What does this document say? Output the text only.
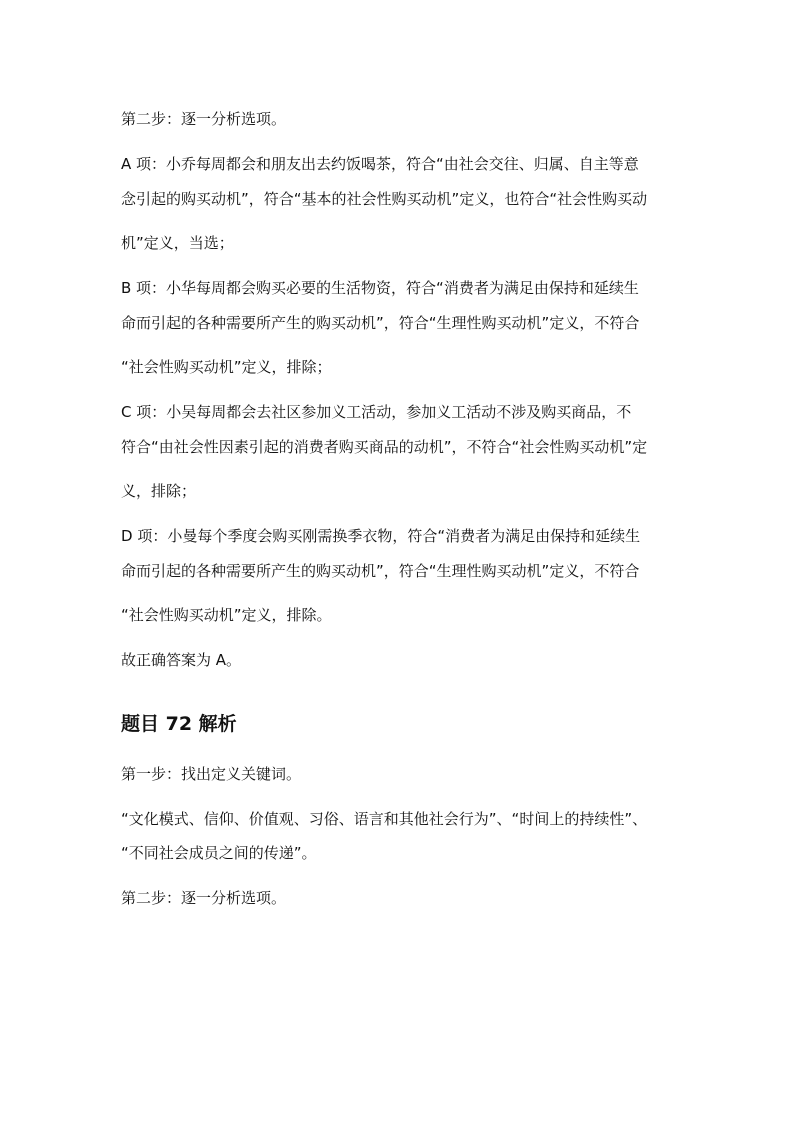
第二步：逐一分析选项。
A 项：小乔每周都会和朋友出去约饭喝茶，符合“由社会交往、归属、自主等意
念引起的购买动机”，符合“基本的社会性购买动机”定义，也符合“社会性购买动
机”定义，当选；
B 项：小华每周都会购买必要的生活物资，符合“消费者为满足由保持和延续生
命而引起的各种需要所产生的购买动机”，符合“生理性购买动机”定义，不符合
“社会性购买动机”定义，排除；
C 项：小吴每周都会去社区参加义工活动，参加义工活动不涉及购买商品，不
符合“由社会性因素引起的消费者购买商品的动机”，不符合“社会性购买动机”定
义，排除；
D 项：小曼每个季度会购买刚需换季衣物，符合“消费者为满足由保持和延续生
命而引起的各种需要所产生的购买动机”，符合“生理性购买动机”定义，不符合
“社会性购买动机”定义，排除。
故正确答案为 A。
题目 72 解析
第一步：找出定义关键词。
“文化模式、信仰、价值观、习俗、语言和其他社会行为”、“时间上的持续性”、
“不同社会成员之间的传递”。
第二步：逐一分析选项。
